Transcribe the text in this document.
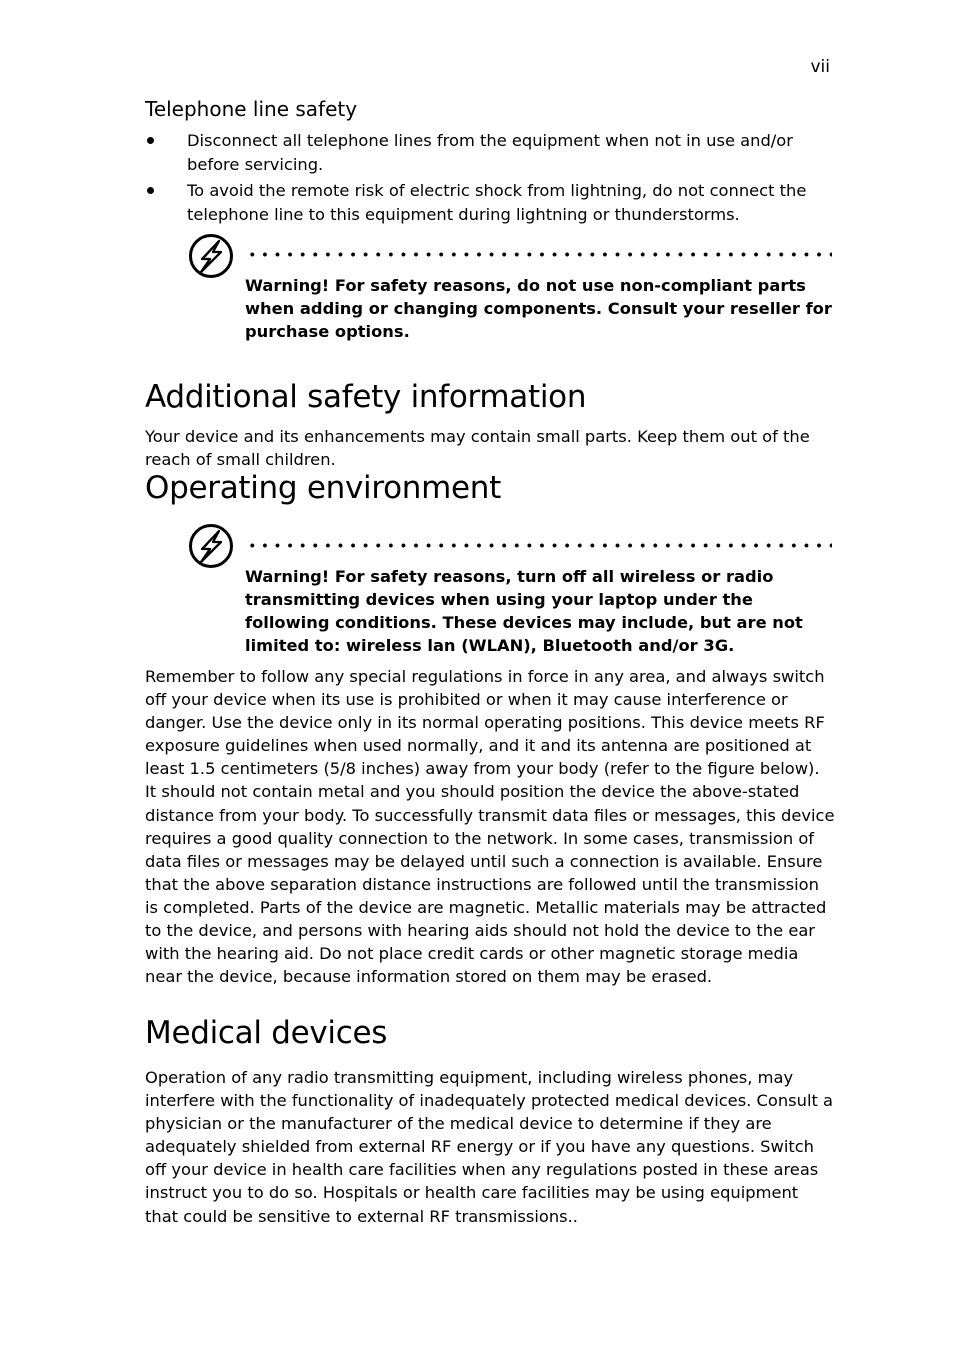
vii
Telephone line safety
Disconnect all telephone lines from the equipment when not in use and/or before servicing.
To avoid the remote risk of electric shock from lightning, do not connect the telephone line to this equipment during lightning or thunderstorms.

Warning! For safety reasons, do not use non-compliant parts when adding or changing components. Consult your reseller for purchase options.

Additional safety information

Your device and its enhancements may contain small parts. Keep them out of the reach of small children.

Operating environment

Warning! For safety reasons, turn off all wireless or radio transmitting devices when using your laptop under the following conditions. These devices may include, but are not limited to: wireless lan (WLAN), Bluetooth and/or 3G.

Remember to follow any special regulations in force in any area, and always switch off your device when its use is prohibited or when it may cause interference or danger. Use the device only in its normal operating positions. This device meets RF exposure guidelines when used normally, and it and its antenna are positioned at least 1.5 centimeters (5/8 inches) away from your body (refer to the figure below). It should not contain metal and you should position the device the above-stated distance from your body. To successfully transmit data files or messages, this device requires a good quality connection to the network. In some cases, transmission of data files or messages may be delayed until such a connection is available. Ensure that the above separation distance instructions are followed until the transmission is completed. Parts of the device are magnetic. Metallic materials may be attracted to the device, and persons with hearing aids should not hold the device to the ear with the hearing aid. Do not place credit cards or other magnetic storage media near the device, because information stored on them may be erased.

Medical devices

Operation of any radio transmitting equipment, including wireless phones, may interfere with the functionality of inadequately protected medical devices. Consult a physician or the manufacturer of the medical device to determine if they are adequately shielded from external RF energy or if you have any questions. Switch off your device in health care facilities when any regulations posted in these areas instruct you to do so. Hospitals or health care facilities may be using equipment that could be sensitive to external RF transmissions..
